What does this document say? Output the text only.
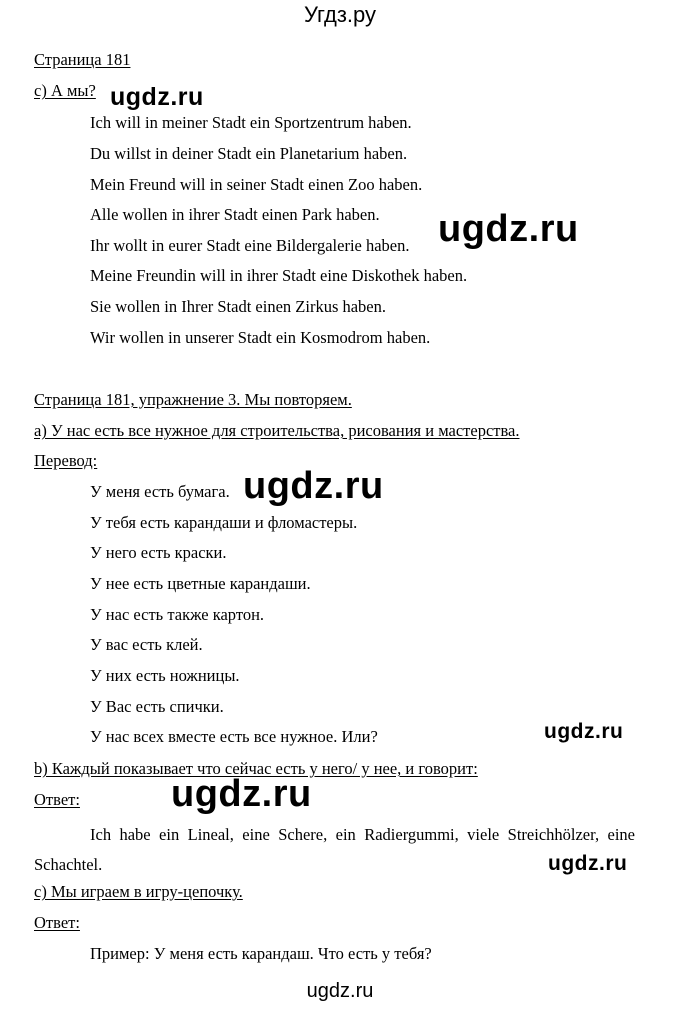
Угдз.ру
Страница 181
с) А мы?
Ich will in meiner Stadt ein Sportzentrum haben.
Du willst in deiner Stadt ein Planetarium haben.
Mein Freund will in seiner Stadt einen Zoo haben.
Alle wollen in ihrer Stadt einen Park haben.
Ihr wollt in eurer Stadt eine Bildergalerie haben.
Meine Freundin will in ihrer Stadt eine Diskothek haben.
Sie wollen in Ihrer Stadt einen Zirkus haben.
Wir wollen in unserer Stadt ein Kosmodrom haben.
Страница 181, упражнение 3. Мы повторяем.
а) У нас есть все нужное для строительства, рисования и мастерства.
Перевод:
У меня есть бумага.
У тебя есть карандаши и фломастеры.
У него есть краски.
У нее есть цветные карандаши.
У нас есть также картон.
У вас есть клей.
У них есть ножницы.
У Вас есть спички.
У нас всех вместе есть все нужное. Или?
b) Каждый показывает что сейчас есть у него/ у нее, и говорит:
Ответ:
Ich habe ein Lineal, eine Schere, ein Radiergummi, viele Streichhölzer, eine Schachtel.
с) Мы играем в игру-цепочку.
Ответ:
Пример: У меня есть карандаш. Что есть у тебя?
ugdz.ru
ugdz.ru
ugdz.ru
ugdz.ru
ugdz.ru
ugdz.ru
ugdz.ru
